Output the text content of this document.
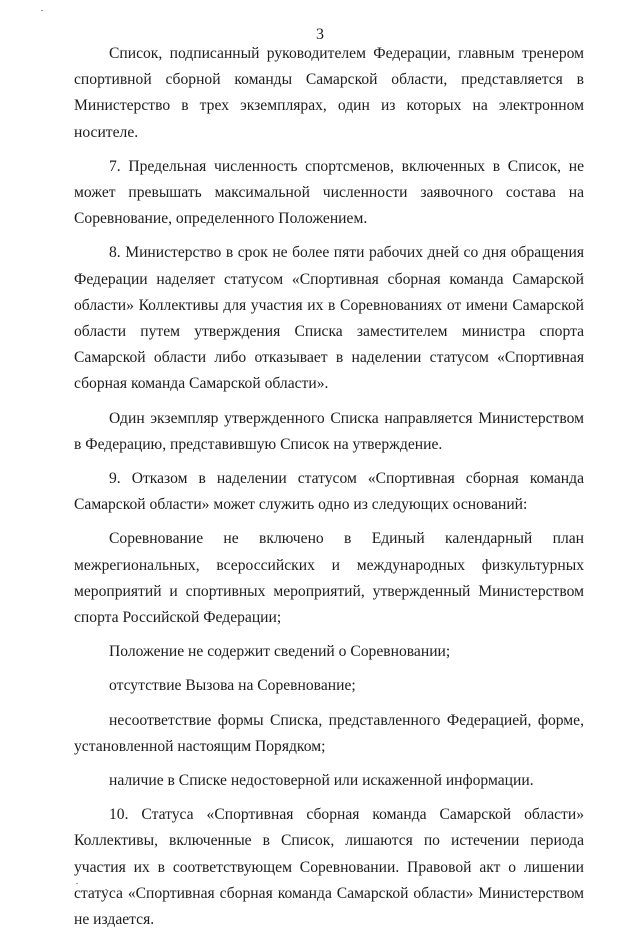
3

Список, подписанный руководителем Федерации, главным тренером спортивной сборной команды Самарской области, представляется в Министерство в трех экземплярах, один из которых на электронном носителе.

7. Предельная численность спортсменов, включенных в Список, не может превышать максимальной численности заявочного состава на Соревнование, определенного Положением.

8. Министерство в срок не более пяти рабочих дней со дня обращения Федерации наделяет статусом «Спортивная сборная команда Самарской области» Коллективы для участия их в Соревнованиях от имени Самарской области путем утверждения Списка заместителем министра спорта Самарской области либо отказывает в наделении статусом «Спортивная сборная команда Самарской области».

Один экземпляр утвержденного Списка направляется Министерством в Федерацию, представившую Список на утверждение.

9. Отказом в наделении статусом «Спортивная сборная команда Самарской области» может служить одно из следующих оснований:

Соревнование не включено в Единый календарный план межрегиональных, всероссийских и международных физкультурных мероприятий и спортивных мероприятий, утвержденный Министерством спорта Российской Федерации;

Положение не содержит сведений о Соревновании;

отсутствие Вызова на Соревнование;

несоответствие формы Списка, представленного Федерацией, форме, установленной настоящим Порядком;

наличие в Списке недостоверной или искаженной информации.

10. Статуса «Спортивная сборная команда Самарской области» Коллективы, включенные в Список, лишаются по истечении периода участия их в соответствующем Соревновании. Правовой акт о лишении статуса «Спортивная сборная команда Самарской области» Министерством не издается.
